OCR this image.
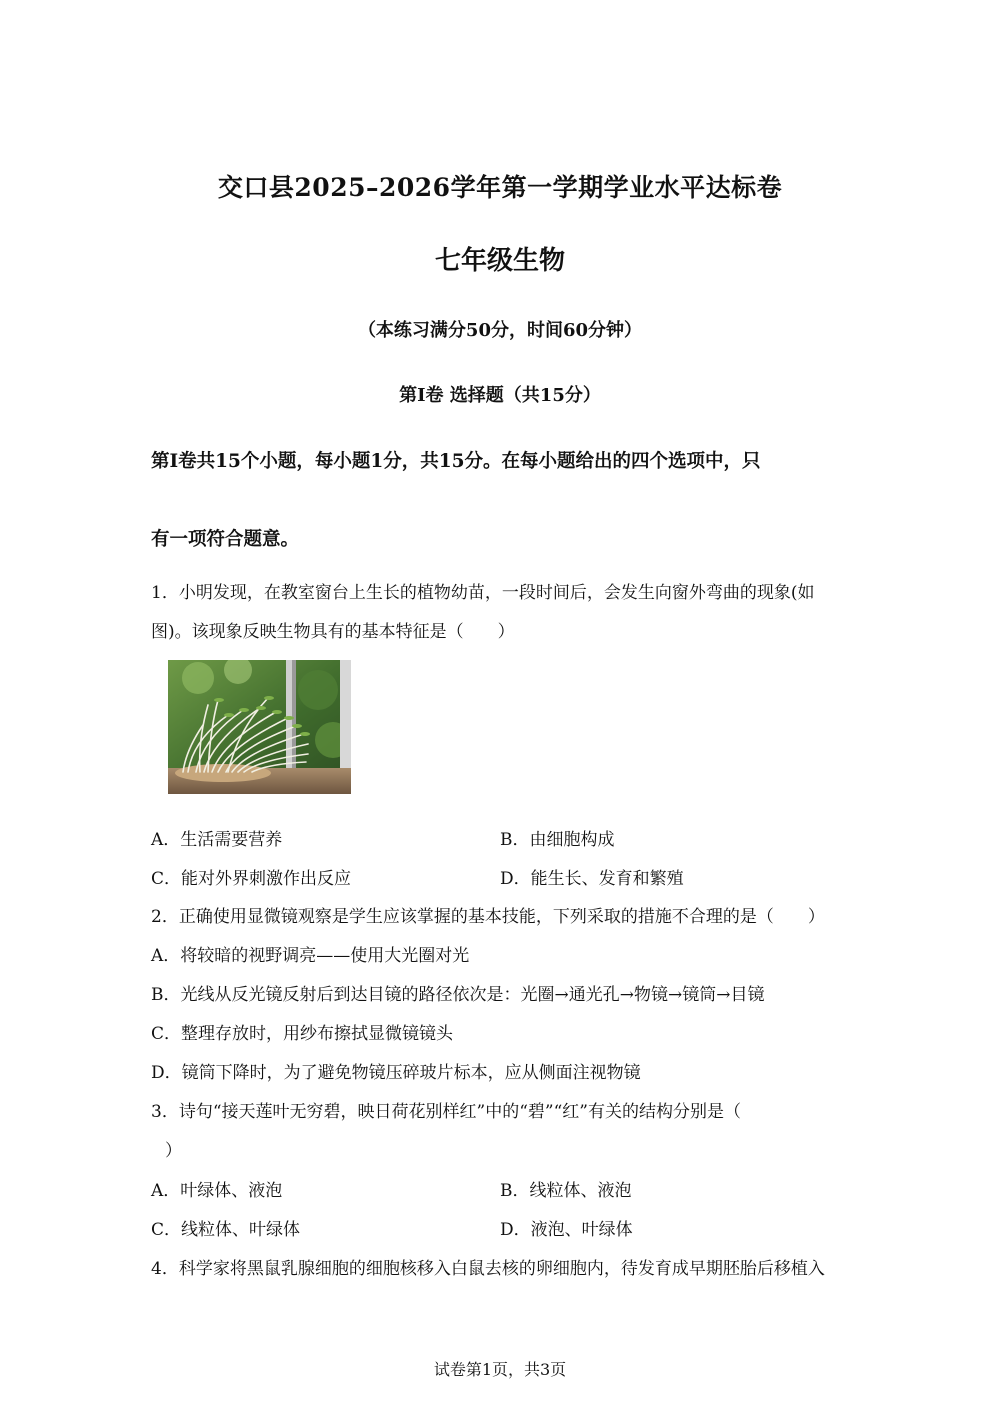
交口县2025–2026学年第一学期学业水平达标卷
七年级生物
（本练习满分50分，时间60分钟）
第Ⅰ卷 选择题（共15分）
第Ⅰ卷共15个小题，每小题1分，共15分。在每小题给出的四个选项中，只
有一项符合题意。
1．小明发现，在教室窗台上生长的植物幼苗，一段时间后，会发生向窗外弯曲的现象(如
图)。该现象反映生物具有的基本特征是（　　）
A．生活需要营养	B．由细胞构成
C．能对外界刺激作出反应	D．能生长、发育和繁殖
2．正确使用显微镜观察是学生应该掌握的基本技能，下列采取的措施不合理的是（　　）
A．将较暗的视野调亮——使用大光圈对光
B．光线从反光镜反射后到达目镜的路径依次是：光圈→通光孔→物镜→镜筒→目镜
C．整理存放时，用纱布擦拭显微镜镜头
D．镜筒下降时，为了避免物镜压碎玻片标本，应从侧面注视物镜
3．诗句“接天莲叶无穷碧，映日荷花别样红”中的“碧”“红”有关的结构分别是（
）
A．叶绿体、液泡	B．线粒体、液泡
C．线粒体、叶绿体	D．液泡、叶绿体
4．科学家将黑鼠乳腺细胞的细胞核移入白鼠去核的卵细胞内，待发育成早期胚胎后移植入
试卷第1页，共3页
